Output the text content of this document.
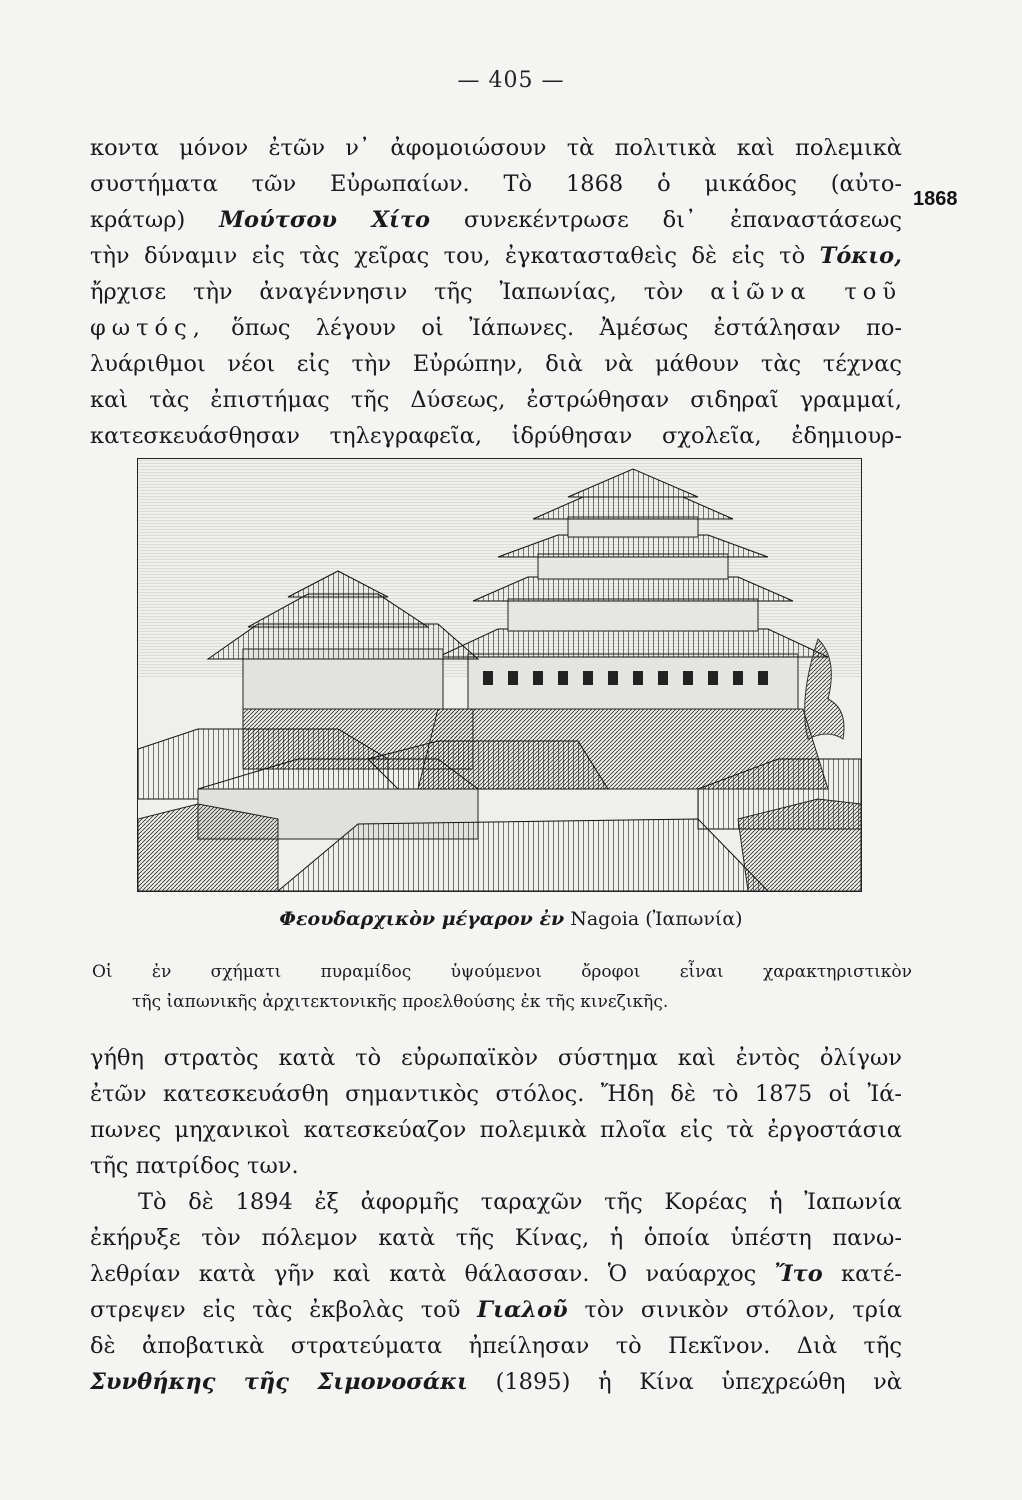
— 405 —
1868
κοντα μόνον ἐτῶν ν᾽ ἀφομοιώσουν τὰ πολιτικὰ καὶ πολεμικὰ
συστήματα τῶν Εὐρωπαίων. Τὸ 1868 ὁ μικάδος (αὐτο-
κράτωρ) Μούτσου Χίτο συνεκέντρωσε δι᾽ ἐπαναστάσεως
τὴν δύναμιν εἰς τὰς χεῖρας του, ἐγκατασταθεὶς δὲ εἰς τὸ Τόκιο,
ἤρχισε τὴν ἀναγέννησιν τῆς Ἰαπωνίας, τὸν αἰῶνα τοῦ
φωτός, ὅπως λέγουν οἱ Ἰάπωνες. Ἀμέσως ἐστάλησαν πο-
λυάριθμοι νέοι εἰς τὴν Εὐρώπην, διὰ νὰ μάθουν τὰς τέχνας
καὶ τὰς ἐπιστήμας τῆς Δύσεως, ἐστρώθησαν σιδηραῖ γραμμαί,
κατεσκευάσθησαν τηλεγραφεῖα, ἱδρύθησαν σχολεῖα, ἐδημιουρ-
Φεουδαρχικὸν μέγαρον ἐν Nagoia (Ἰαπωνία)
Οἱ ἐν σχήματι πυραμίδος ὑψούμενοι ὄροφοι εἶναι χαρακτηριστικὸν
τῆς ἰαπωνικῆς ἀρχιτεκτονικῆς προελθούσης ἐκ τῆς κινεζικῆς.
γήθη στρατὸς κατὰ τὸ εὐρωπαϊκὸν σύστημα καὶ ἐντὸς ὀλίγων
ἐτῶν κατεσκευάσθη σημαντικὸς στόλος. Ἤδη δὲ τὸ 1875 οἱ Ἰά-
πωνες μηχανικοὶ κατεσκεύαζον πολεμικὰ πλοῖα εἰς τὰ ἐργοστάσια
τῆς πατρίδος των.
Τὸ δὲ 1894 ἐξ ἀφορμῆς ταραχῶν τῆς Κορέας ἡ Ἰαπωνία
ἐκήρυξε τὸν πόλεμον κατὰ τῆς Κίνας, ἡ ὁποία ὑπέστη πανω-
λεθρίαν κατὰ γῆν καὶ κατὰ θάλασσαν. Ὁ ναύαρχος Ἴτο κατέ-
στρεψεν εἰς τὰς ἐκβολὰς τοῦ Γιαλοῦ τὸν σινικὸν στόλον, τρία
δὲ ἀποβατικὰ στρατεύματα ἠπείλησαν τὸ Πεκῖνον. Διὰ τῆς
Συνθήκης τῆς Σιμονοσάκι (1895) ἡ Κίνα ὑπεχρεώθη νὰ
